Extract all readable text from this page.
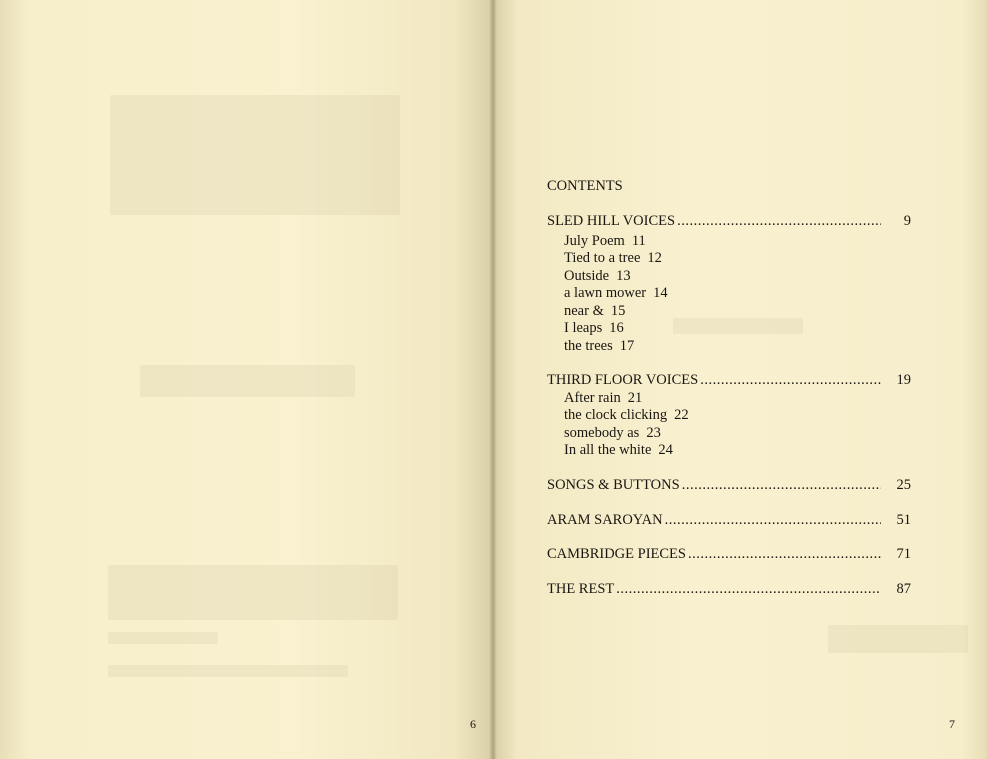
6	7
CONTENTS
SLED HILL VOICES .....	9
July Poem 11
Tied to a tree 12
Outside 13
a lawn mower 14
near & 15
I leaps 16
the trees 17
THIRD FLOOR VOICES .....	19
After rain 21
the clock clicking 22
somebody as 23
In all the white 24
SONGS & BUTTONS .....	25
ARAM SAROYAN .....	51
CAMBRIDGE PIECES .....	71
THE REST .....	87
